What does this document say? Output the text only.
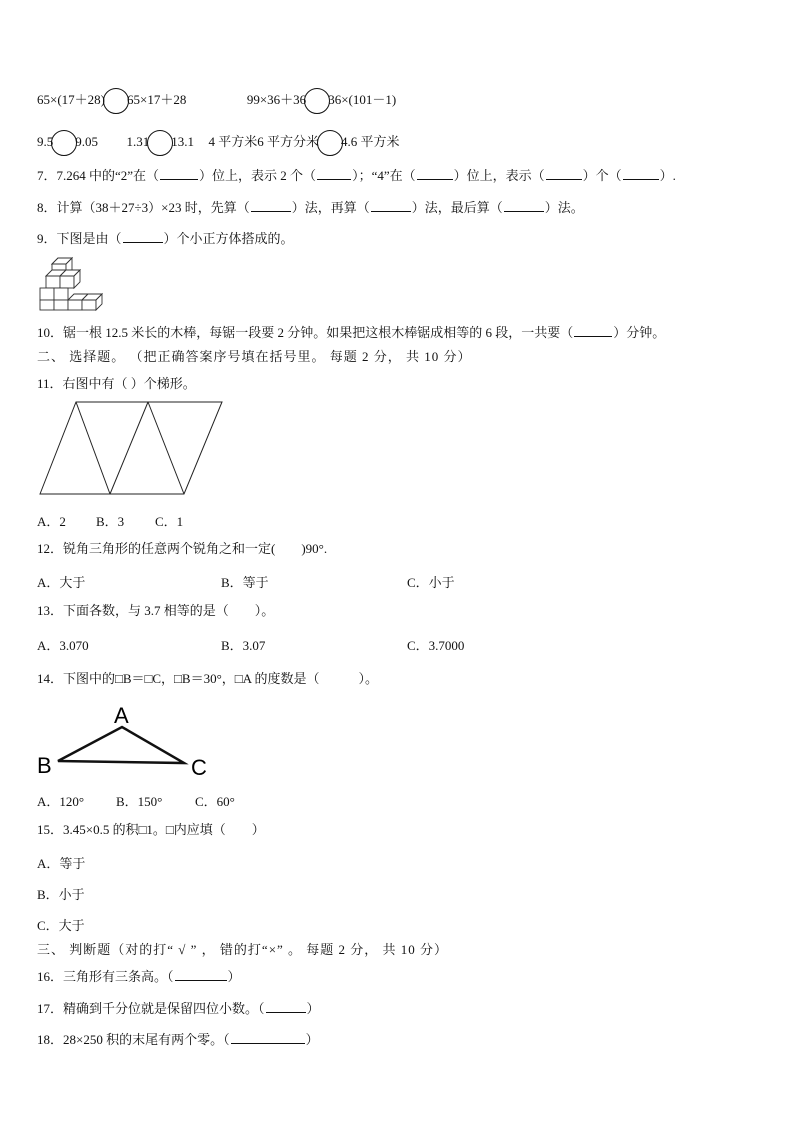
65×(17＋28) 65×17＋28	99×36＋36 36×(101－1)
9.5 9.05 1.31 13.1 4 平方米6 平方分米 4.6 平方米
7．7.264 中的“2”在（	）位上，表示 2 个（	）；“4”在（	）位上，表示（	）个（	）.
8．计算（38＋27÷3）×23 时，先算（	）法，再算（	）法，最后算（	）法。
9．下图是由（	）个小正方体搭成的。
10．锯一根 12.5 米长的木棒，每锯一段要 2 分钟。如果把这根木棒锯成相等的 6 段，一共要（	）分钟。
二、 选择题。 （把正确答案序号填在括号里。 每题 2 分， 共 10 分）
11．右图中有（ ）个梯形。
A．2 B．3 C．1
12．锐角三角形的任意两个锐角之和一定(　　)90°.
A．大于	B．等于	C．小于
13．下面各数，与 3.7 相等的是（　　）。
A．3.070	B．3.07	C．3.7000
14．下图中的□B＝□C，□B＝30°，□A 的度数是（　　　）。
A
B	C
A．120° B．150°	C．60°
15．3.45×0.5 的积□1。□内应填（　　）
A．等于
B．小于
C．大于
三、 判断题（对的打“ √ ” ， 错的打“×” 。 每题 2 分， 共 10 分）
16．三角形有三条高。（	）
17．精确到千分位就是保留四位小数。（	）
18．28×250 积的末尾有两个零。（	）
